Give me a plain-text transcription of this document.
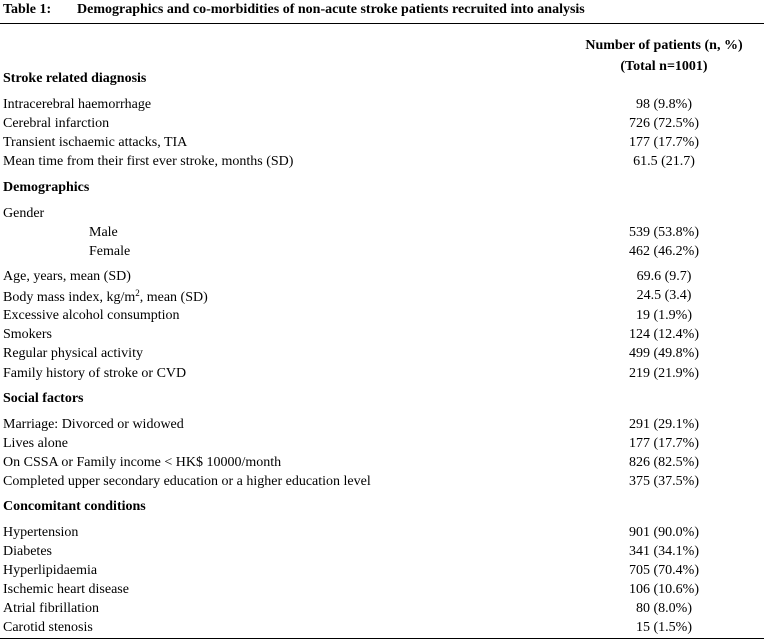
Table 1: Demographics and co-morbidities of non-acute stroke patients recruited into analysis
Number of patients (n, %)
(Total n=1001)
Stroke related diagnosis
Intracerebral haemorrhage	98 (9.8%)
Cerebral infarction	726 (72.5%)
Transient ischaemic attacks, TIA	177 (17.7%)
Mean time from their first ever stroke, months (SD)	61.5 (21.7)
Demographics
Gender
Male	539 (53.8%)
Female	462 (46.2%)
Age, years, mean (SD)	69.6 (9.7)
Body mass index, $kg/m^2$, mean (SD)	24.5 (3.4)
Excessive alcohol consumption	19 (1.9%)
Smokers	124 (12.4%)
Regular physical activity	499 (49.8%)
Family history of stroke or CVD	219 (21.9%)
Social factors
Marriage: Divorced or widowed	291 (29.1%)
Lives alone	177 (17.7%)
On CSSA or Family income < HK$ 10000/month	826 (82.5%)
Completed upper secondary education or a higher education level	375 (37.5%)
Concomitant conditions
Hypertension	901 (90.0%)
Diabetes	341 (34.1%)
Hyperlipidaemia	705 (70.4%)
Ischemic heart disease	106 (10.6%)
Atrial fibrillation	80 (8.0%)
Carotid stenosis	15 (1.5%)
